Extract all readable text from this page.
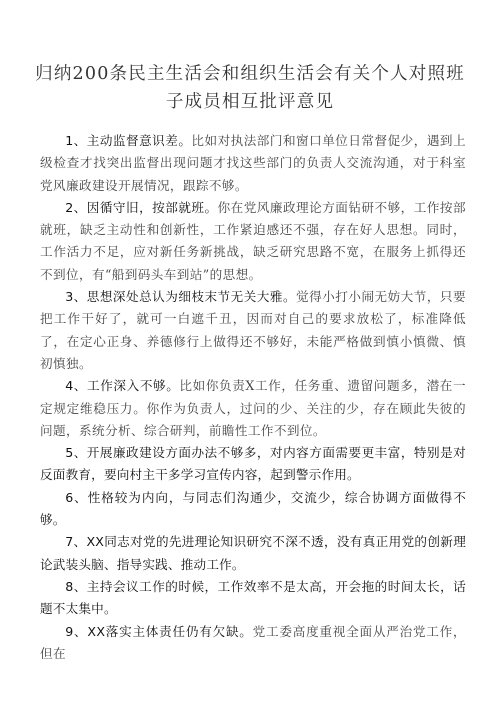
归纳200条民主生活会和组织生活会有关个人对照班子成员相互批评意见

1、主动监督意识差。比如对执法部门和窗口单位日常督促少，遇到上级检查才找突出监督出现问题才找这些部门的负责人交流沟通，对于科室党风廉政建设开展情况，跟踪不够。

2、因循守旧，按部就班。你在党风廉政理论方面钻研不够，工作按部就班，缺乏主动性和创新性，工作紧迫感还不强，存在好人思想。同时，工作活力不足，应对新任务新挑战，缺乏研究思路不宽，在服务上抓得还不到位，有“船到码头车到站”的思想。

3、思想深处总认为细枝末节无关大雅。觉得小打小闹无妨大节，只要把工作干好了，就可一白遮千丑，因而对自己的要求放松了，标准降低了，在定心正身、养德修行上做得还不够好，未能严格做到慎小慎微、慎初慎独。

4、工作深入不够。比如你负责X工作，任务重、遗留问题多，潜在一定规定维稳压力。你作为负责人，过问的少、关注的少，存在顾此失彼的问题，系统分析、综合研判，前瞻性工作不到位。

5、开展廉政建设方面办法不够多，对内容方面需要更丰富，特别是对反面教育，要向村主干多学习宣传内容，起到警示作用。

6、性格较为内向，与同志们沟通少，交流少，综合协调方面做得不够。

7、XX同志对党的先进理论知识研究不深不透，没有真正用党的创新理论武装头脑、指导实践、推动工作。

8、主持会议工作的时候，工作效率不是太高，开会拖的时间太长，话题不太集中。

9、XX落实主体责任仍有欠缺。党工委高度重视全面从严治党工作，但在
